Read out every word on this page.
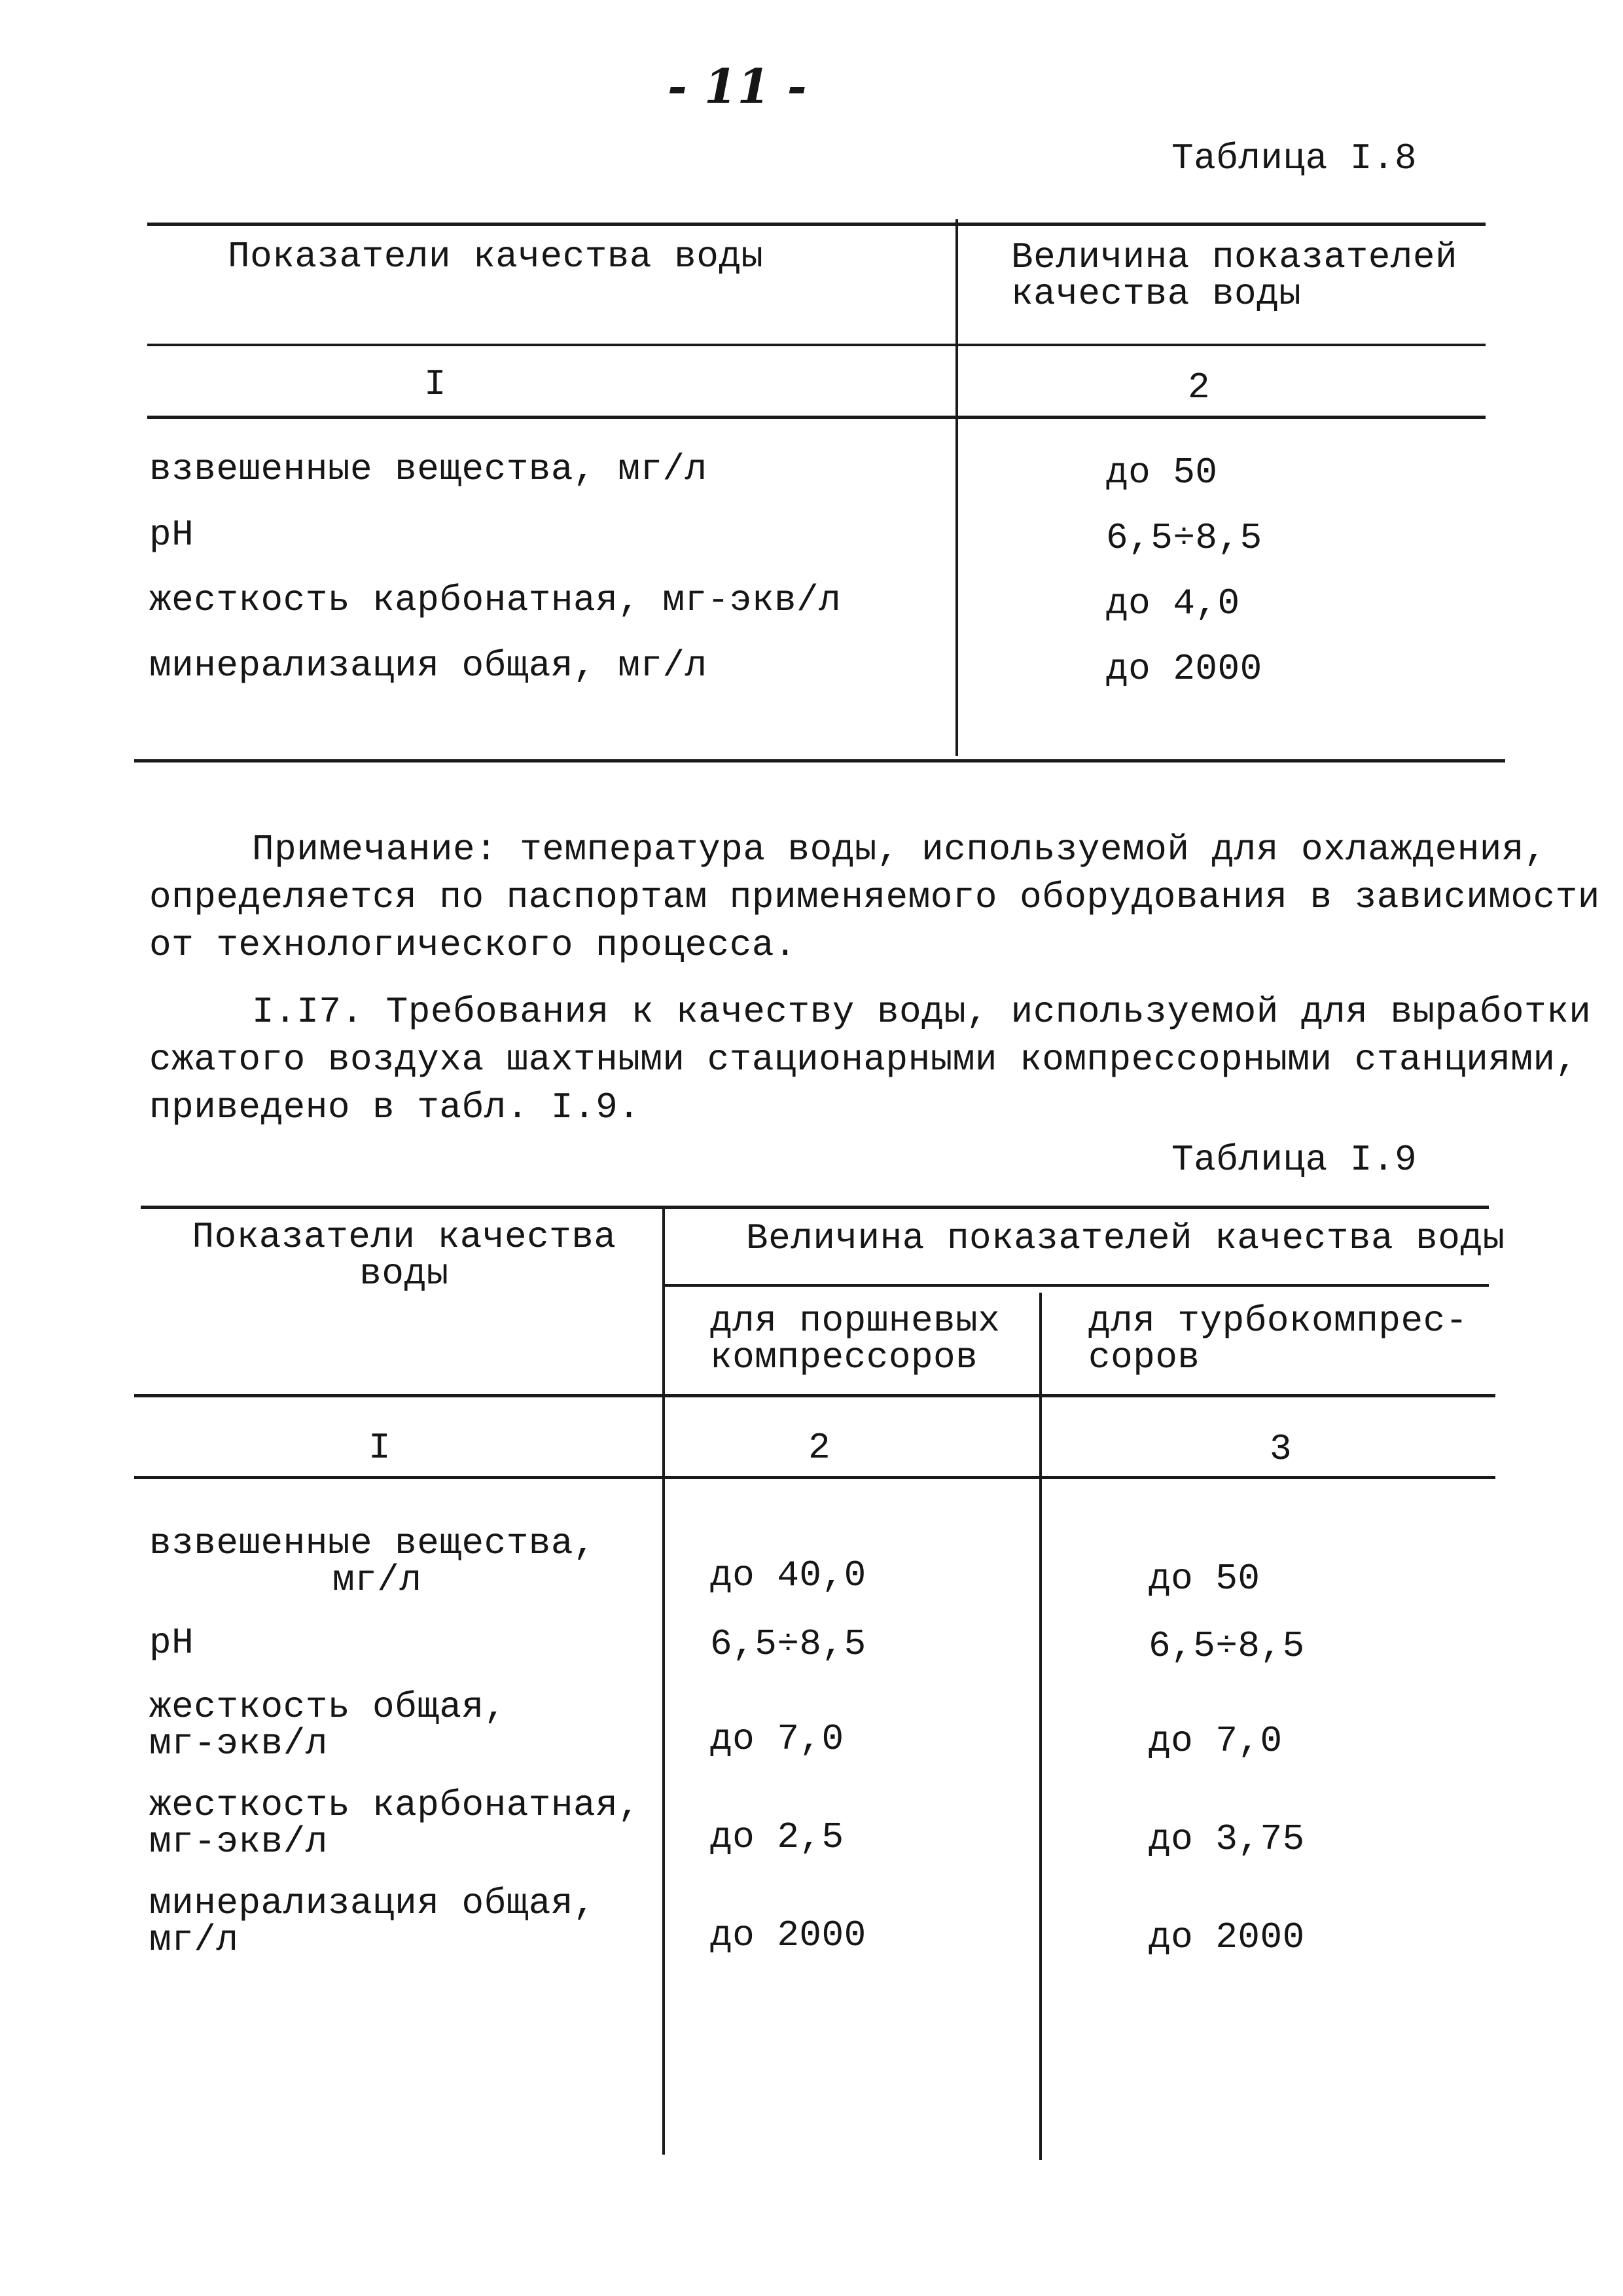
- 11 -
Таблица I.8
Показатели качества воды	Величина показателей
качества воды
I	2
взвешенные вещества, мг/л	до 50
pH	6,5÷8,5
жесткость карбонатная, мг-экв/л	до 4,0
минерализация общая, мг/л	до 2000
Примечание: температура воды, используемой для охлаждения,
определяется по паспортам применяемого оборудования в зависимости
от технологического процесса.
I.I7. Требования к качеству воды, используемой для выработки
сжатого воздуха шахтными стационарными компрессорными станциями,
приведено в табл. I.9.
Таблица I.9
Показатели качества
воды
Величина показателей качества воды
для поршневых
компрессоров
для турбокомпрес-
соров
I	2	3
взвешенные вещества,
мг/л	до 40,0	до 50
pH	6,5÷8,5	6,5÷8,5
жесткость общая,
мг-экв/л	до 7,0	до 7,0
жесткость карбонатная,
мг-экв/л	до 2,5	до 3,75
минерализация общая,
мг/л	до 2000	до 2000
